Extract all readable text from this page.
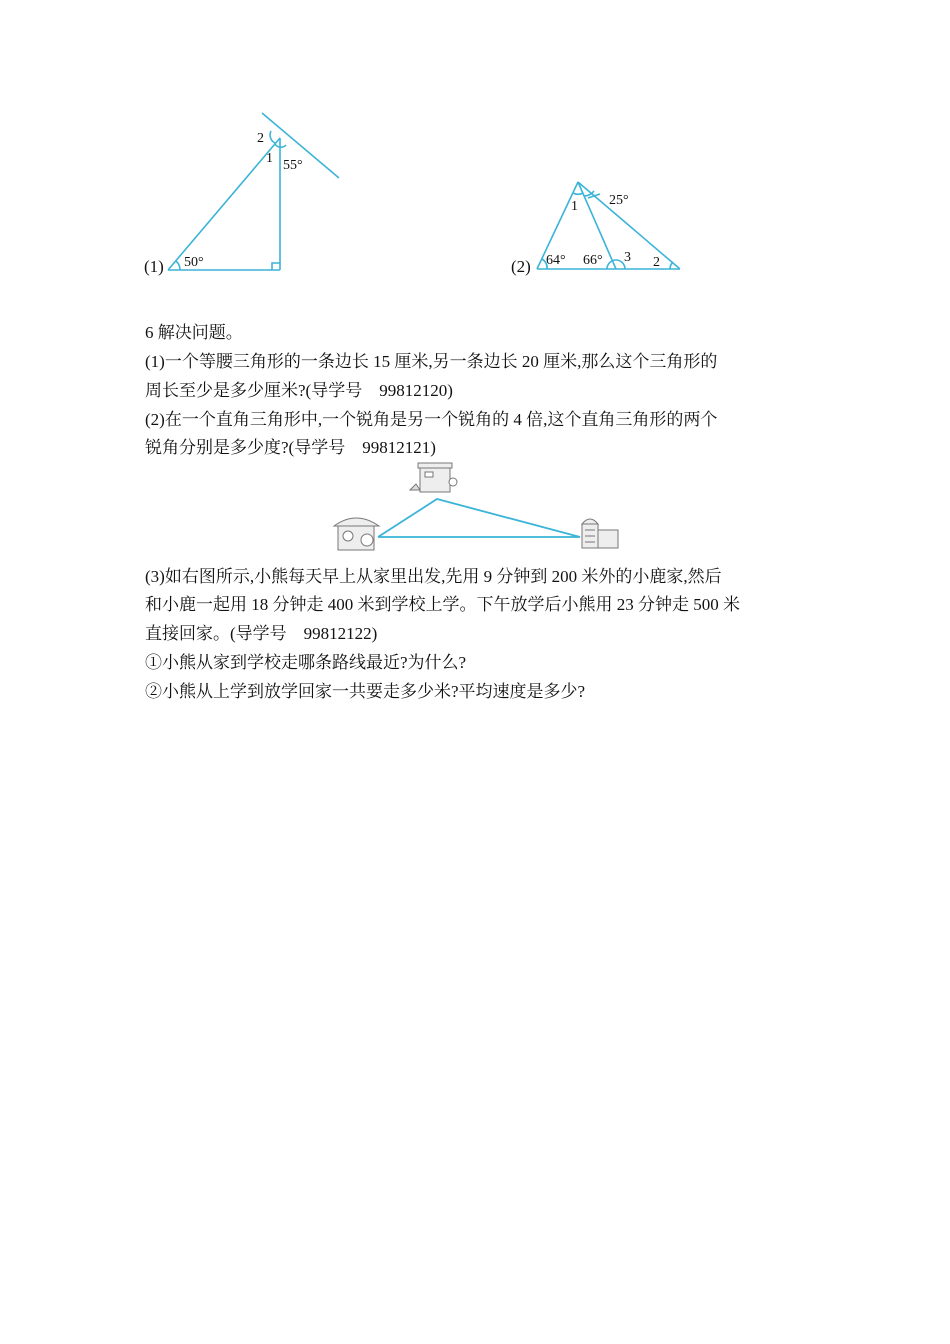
(1) 50°
55°
1
2
(2) 64° 66°
25°
1
2
3
6 解决问题。
(1)一个等腰三角形的一条边长 15 厘米,另一条边长 20 厘米,那么这个三角形的
周长至少是多少厘米?(导学号　99812120)
(2)在一个直角三角形中,一个锐角是另一个锐角的 4 倍,这个直角三角形的两个
锐角分别是多少度?(导学号　99812121)
(3)如右图所示,小熊每天早上从家里出发,先用 9 分钟到 200 米外的小鹿家,然后
和小鹿一起用 18 分钟走 400 米到学校上学。下午放学后小熊用 23 分钟走 500 米
直接回家。(导学号　99812122)
①小熊从家到学校走哪条路线最近?为什么?
②小熊从上学到放学回家一共要走多少米?平均速度是多少?
